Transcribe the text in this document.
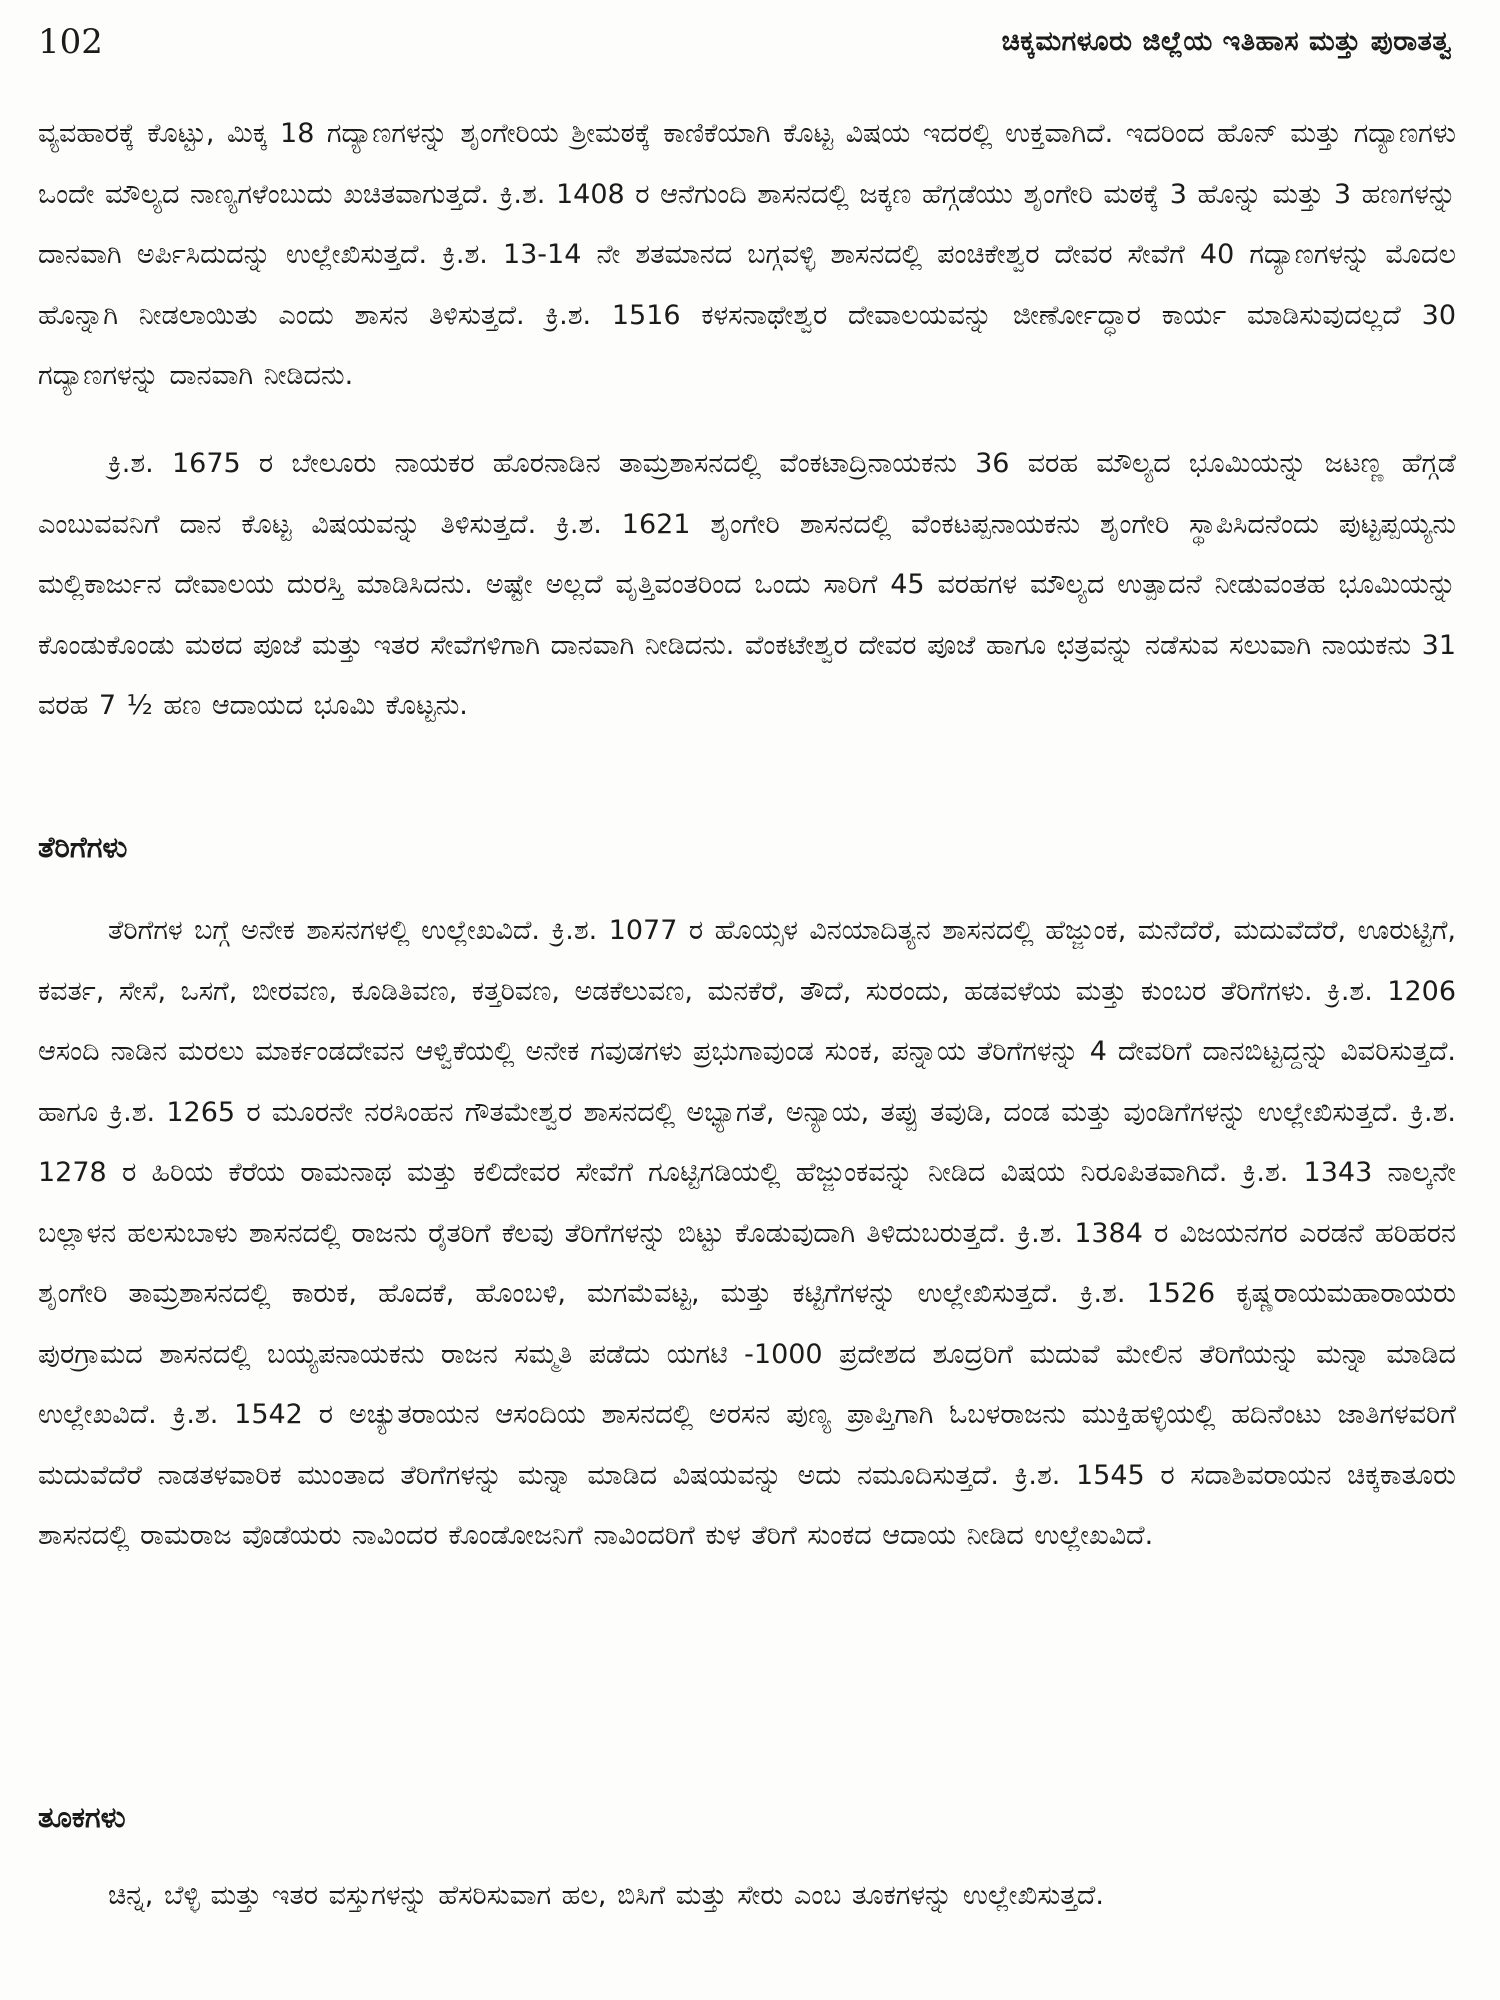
102	ಚಿಕ್ಕಮಗಳೂರು ಜಿಲ್ಲೆಯ ಇತಿಹಾಸ ಮತ್ತು ಪುರಾತತ್ವ

ವ್ಯವಹಾರಕ್ಕೆ ಕೊಟ್ಟು, ಮಿಕ್ಕ 18 ಗದ್ಯಾಣಗಳನ್ನು ಶೃಂಗೇರಿಯ ಶ್ರೀಮಠಕ್ಕೆ ಕಾಣಿಕೆಯಾಗಿ ಕೊಟ್ಟ ವಿಷಯ ಇದರಲ್ಲಿ ಉಕ್ತವಾಗಿದೆ. ಇದರಿಂದ ಹೊನ್ ಮತ್ತು ಗದ್ಯಾಣಗಳು ಒಂದೇ ಮೌಲ್ಯದ ನಾಣ್ಯಗಳೆಂಬುದು ಖಚಿತವಾಗುತ್ತದೆ. ಕ್ರಿ.ಶ. 1408 ರ ಆನೆಗುಂದಿ ಶಾಸನದಲ್ಲಿ ಜಕ್ಕಣ ಹೆಗ್ಗಡೆಯು ಶೃಂಗೇರಿ ಮಠಕ್ಕೆ 3 ಹೊನ್ನು ಮತ್ತು 3 ಹಣಗಳನ್ನು ದಾನವಾಗಿ ಅರ್ಪಿಸಿದುದನ್ನು ಉಲ್ಲೇಖಿಸುತ್ತದೆ. ಕ್ರಿ.ಶ. 13-14 ನೇ ಶತಮಾನದ ಬಗ್ಗವಳ್ಳಿ ಶಾಸನದಲ್ಲಿ ಪಂಚಿಕೇಶ್ವರ ದೇವರ ಸೇವೆಗೆ 40 ಗದ್ಯಾಣಗಳನ್ನು ಮೊದಲ ಹೊನ್ನಾಗಿ ನೀಡಲಾಯಿತು ಎಂದು ಶಾಸನ ತಿಳಿಸುತ್ತದೆ. ಕ್ರಿ.ಶ. 1516 ಕಳಸನಾಥೇಶ್ವರ ದೇವಾಲಯವನ್ನು ಜೀರ್ಣೋದ್ಧಾರ ಕಾರ್ಯ ಮಾಡಿಸುವುದಲ್ಲದೆ 30 ಗದ್ಯಾಣಗಳನ್ನು ದಾನವಾಗಿ ನೀಡಿದನು.

ಕ್ರಿ.ಶ. 1675 ರ ಬೇಲೂರು ನಾಯಕರ ಹೊರನಾಡಿನ ತಾಮ್ರಶಾಸನದಲ್ಲಿ ವೆಂಕಟಾದ್ರಿನಾಯಕನು 36 ವರಹ ಮೌಲ್ಯದ ಭೂಮಿಯನ್ನು ಜಟಣ್ಣ ಹೆಗ್ಗಡೆ ಎಂಬುವವನಿಗೆ ದಾನ ಕೊಟ್ಟ ವಿಷಯವನ್ನು ತಿಳಿಸುತ್ತದೆ. ಕ್ರಿ.ಶ. 1621 ಶೃಂಗೇರಿ ಶಾಸನದಲ್ಲಿ ವೆಂಕಟಪ್ಪನಾಯಕನು ಶೃಂಗೇರಿ ಸ್ಥಾಪಿಸಿದನೆಂದು ಪುಟ್ಟಪ್ಪಯ್ಯನು ಮಲ್ಲಿಕಾರ್ಜುನ ದೇವಾಲಯ ದುರಸ್ತಿ ಮಾಡಿಸಿದನು. ಅಷ್ಟೇ ಅಲ್ಲದೆ ವೃತ್ತಿವಂತರಿಂದ ಒಂದು ಸಾರಿಗೆ 45 ವರಹಗಳ ಮೌಲ್ಯದ ಉತ್ಪಾದನೆ ನೀಡುವಂತಹ ಭೂಮಿಯನ್ನು ಕೊಂಡುಕೊಂಡು ಮಠದ ಪೂಜೆ ಮತ್ತು ಇತರ ಸೇವೆಗಳಿಗಾಗಿ ದಾನವಾಗಿ ನೀಡಿದನು. ವೆಂಕಟೇಶ್ವರ ದೇವರ ಪೂಜೆ ಹಾಗೂ ಛತ್ರವನ್ನು ನಡೆಸುವ ಸಲುವಾಗಿ ನಾಯಕನು 31 ವರಹ 7 ½ ಹಣ ಆದಾಯದ ಭೂಮಿ ಕೊಟ್ಟನು.

ತೆರಿಗೆಗಳು

ತೆರಿಗೆಗಳ ಬಗ್ಗೆ ಅನೇಕ ಶಾಸನಗಳಲ್ಲಿ ಉಲ್ಲೇಖವಿದೆ. ಕ್ರಿ.ಶ. 1077 ರ ಹೊಯ್ಸಳ ವಿನಯಾದಿತ್ಯನ ಶಾಸನದಲ್ಲಿ ಹೆಜ್ಜುಂಕ, ಮನೆದೆರೆ, ಮದುವೆದೆರೆ, ಊರುಟ್ಟಿಗೆ, ಕವರ್ತ, ಸೇಸೆ, ಒಸಗೆ, ಬೀರವಣ, ಕೂಡಿತಿವಣ, ಕತ್ತರಿವಣ, ಅಡಕೆಲುವಣ, ಮನಕೆರೆ, ತೌದೆ, ಸುರಂದು, ಹಡವಳೆಯ ಮತ್ತು ಕುಂಬರ ತೆರಿಗೆಗಳು. ಕ್ರಿ.ಶ. 1206 ಆಸಂದಿ ನಾಡಿನ ಮರಲು ಮಾರ್ಕಂಡದೇವನ ಆಳ್ವಿಕೆಯಲ್ಲಿ ಅನೇಕ ಗವುಡಗಳು ಪ್ರಭುಗಾವುಂಡ ಸುಂಕ, ಪನ್ನಾಯ ತೆರಿಗೆಗಳನ್ನು 4 ದೇವರಿಗೆ ದಾನಬಿಟ್ಟದ್ದನ್ನು ವಿವರಿಸುತ್ತದೆ. ಹಾಗೂ ಕ್ರಿ.ಶ. 1265 ರ ಮೂರನೇ ನರಸಿಂಹನ ಗೌತಮೇಶ್ವರ ಶಾಸನದಲ್ಲಿ ಅಭ್ಯಾಗತೆ, ಅನ್ಯಾಯ, ತಪ್ಪು ತವುಡಿ, ದಂಡ ಮತ್ತು ವುಂಡಿಗೆಗಳನ್ನು ಉಲ್ಲೇಖಿಸುತ್ತದೆ. ಕ್ರಿ.ಶ. 1278 ರ ಹಿರಿಯ ಕೆರೆಯ ರಾಮನಾಥ ಮತ್ತು ಕಲಿದೇವರ ಸೇವೆಗೆ ಗೂಟ್ಟಿಗಡಿಯಲ್ಲಿ ಹೆಜ್ಜುಂಕವನ್ನು ನೀಡಿದ ವಿಷಯ ನಿರೂಪಿತವಾಗಿದೆ. ಕ್ರಿ.ಶ. 1343 ನಾಲ್ಕನೇ ಬಲ್ಲಾಳನ ಹಲಸುಬಾಳು ಶಾಸನದಲ್ಲಿ ರಾಜನು ರೈತರಿಗೆ ಕೆಲವು ತೆರಿಗೆಗಳನ್ನು ಬಿಟ್ಟು ಕೊಡುವುದಾಗಿ ತಿಳಿದುಬರುತ್ತದೆ. ಕ್ರಿ.ಶ. 1384 ರ ವಿಜಯನಗರ ಎರಡನೆ ಹರಿಹರನ ಶೃಂಗೇರಿ ತಾಮ್ರಶಾಸನದಲ್ಲಿ ಕಾರುಕ, ಹೊದಕೆ, ಹೊಂಬಳಿ, ಮಗಮೆವಟ್ಟ, ಮತ್ತು ಕಟ್ಟಿಗೆಗಳನ್ನು ಉಲ್ಲೇಖಿಸುತ್ತದೆ. ಕ್ರಿ.ಶ. 1526 ಕೃಷ್ಣರಾಯಮಹಾರಾಯರು ಪುರಗ್ರಾಮದ ಶಾಸನದಲ್ಲಿ ಬಯ್ಯಪನಾಯಕನು ರಾಜನ ಸಮ್ಮತಿ ಪಡೆದು ಯಗಟಿ -1000 ಪ್ರದೇಶದ ಶೂದ್ರರಿಗೆ ಮದುವೆ ಮೇಲಿನ ತೆರಿಗೆಯನ್ನು ಮನ್ನಾ ಮಾಡಿದ ಉಲ್ಲೇಖವಿದೆ. ಕ್ರಿ.ಶ. 1542 ರ ಅಚ್ಯುತರಾಯನ ಆಸಂದಿಯ ಶಾಸನದಲ್ಲಿ ಅರಸನ ಪುಣ್ಯ ಪ್ರಾಪ್ತಿಗಾಗಿ ಓಬಳರಾಜನು ಮುಕ್ತಿಹಳ್ಳಿಯಲ್ಲಿ ಹದಿನೆಂಟು ಜಾತಿಗಳವರಿಗೆ ಮದುವೆದೆರೆ ನಾಡತಳವಾರಿಕ ಮುಂತಾದ ತೆರಿಗೆಗಳನ್ನು ಮನ್ನಾ ಮಾಡಿದ ವಿಷಯವನ್ನು ಅದು ನಮೂದಿಸುತ್ತದೆ. ಕ್ರಿ.ಶ. 1545 ರ ಸದಾಶಿವರಾಯನ ಚಿಕ್ಕಕಾತೂರು ಶಾಸನದಲ್ಲಿ ರಾಮರಾಜ ವೊಡೆಯರು ನಾವಿಂದರ ಕೊಂಡೋಜನಿಗೆ ನಾವಿಂದರಿಗೆ ಕುಳ ತೆರಿಗೆ ಸುಂಕದ ಆದಾಯ ನೀಡಿದ ಉಲ್ಲೇಖವಿದೆ.

ತೂಕಗಳು

ಚಿನ್ನ, ಬೆಳ್ಳಿ ಮತ್ತು ಇತರ ವಸ್ತುಗಳನ್ನು ಹೆಸರಿಸುವಾಗ ಹಲ, ಬಿಸಿಗೆ ಮತ್ತು ಸೇರು ಎಂಬ ತೂಕಗಳನ್ನು ಉಲ್ಲೇಖಿಸುತ್ತದೆ.
